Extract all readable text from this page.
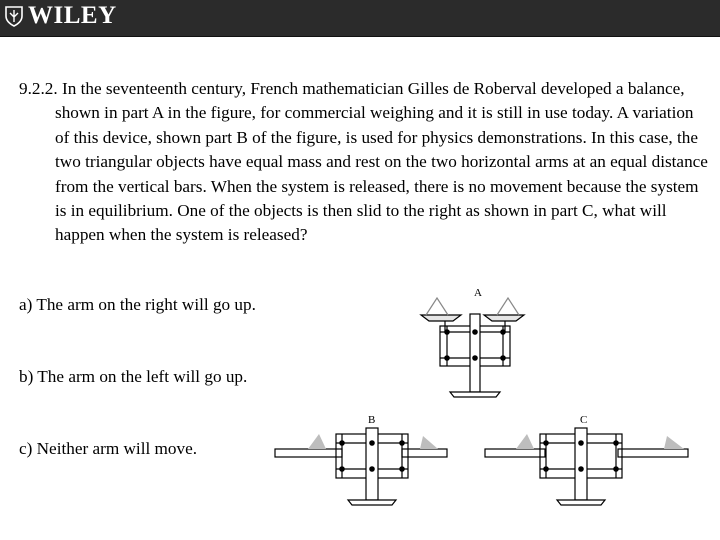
WILEY

9.2.2. In the seventeenth century, French mathematician Gilles de Roberval developed a balance, shown in part A in the figure, for commercial weighing and it is still in use today. A variation of this device, shown part B of the figure, is used for physics demonstrations. In this case, the two triangular objects have equal mass and rest on the two horizontal arms at an equal distance from the vertical bars. When the system is released, there is no movement because the system is in equilibrium. One of the objects is then slid to the right as shown in part C, what will happen when the system is released?

a) The arm on the right will go up.
b) The arm on the left will go up.
c) Neither arm will move.
A
B	C
